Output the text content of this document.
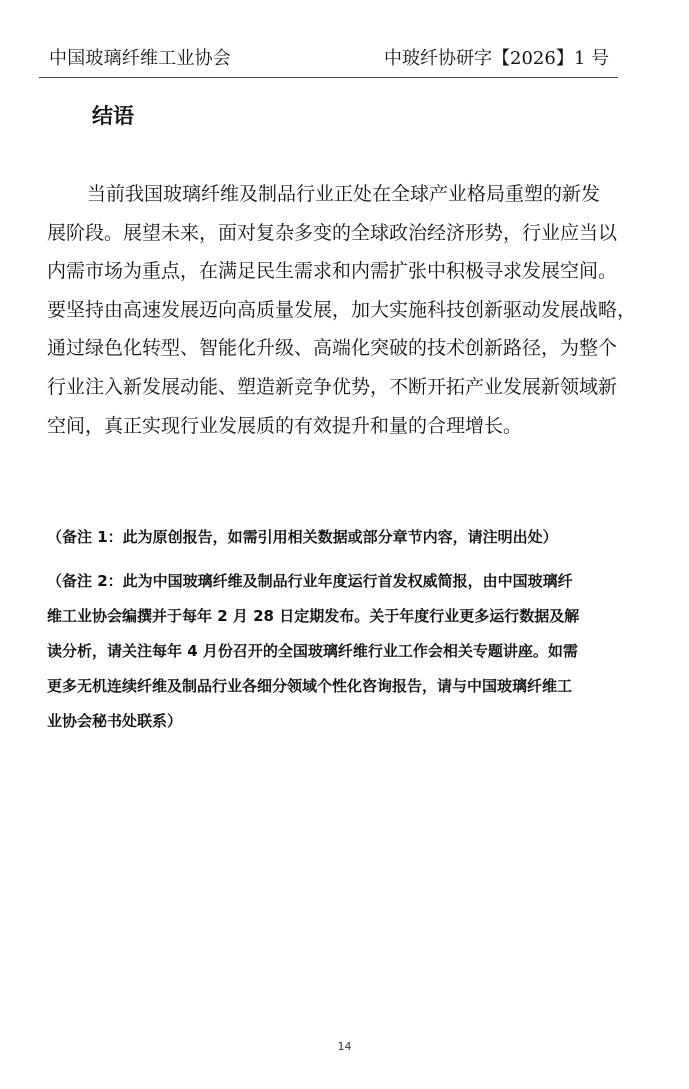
中国玻璃纤维工业协会	中玻纤协研字【2026】1 号
结语
当前我国玻璃纤维及制品行业正处在全球产业格局重塑的新发
展阶段。展望未来，面对复杂多变的全球政治经济形势，行业应当以
内需市场为重点，在满足民生需求和内需扩张中积极寻求发展空间。
要坚持由高速发展迈向高质量发展，加大实施科技创新驱动发展战略，
通过绿色化转型、智能化升级、高端化突破的技术创新路径，为整个
行业注入新发展动能、塑造新竞争优势，不断开拓产业发展新领域新
空间，真正实现行业发展质的有效提升和量的合理增长。
（备注 1：此为原创报告，如需引用相关数据或部分章节内容，请注明出处）
（备注 2：此为中国玻璃纤维及制品行业年度运行首发权威简报，由中国玻璃纤
维工业协会编撰并于每年 2 月 28 日定期发布。关于年度行业更多运行数据及解
读分析，请关注每年 4 月份召开的全国玻璃纤维行业工作会相关专题讲座。如需
更多无机连续纤维及制品行业各细分领域个性化咨询报告，请与中国玻璃纤维工
业协会秘书处联系）
14
